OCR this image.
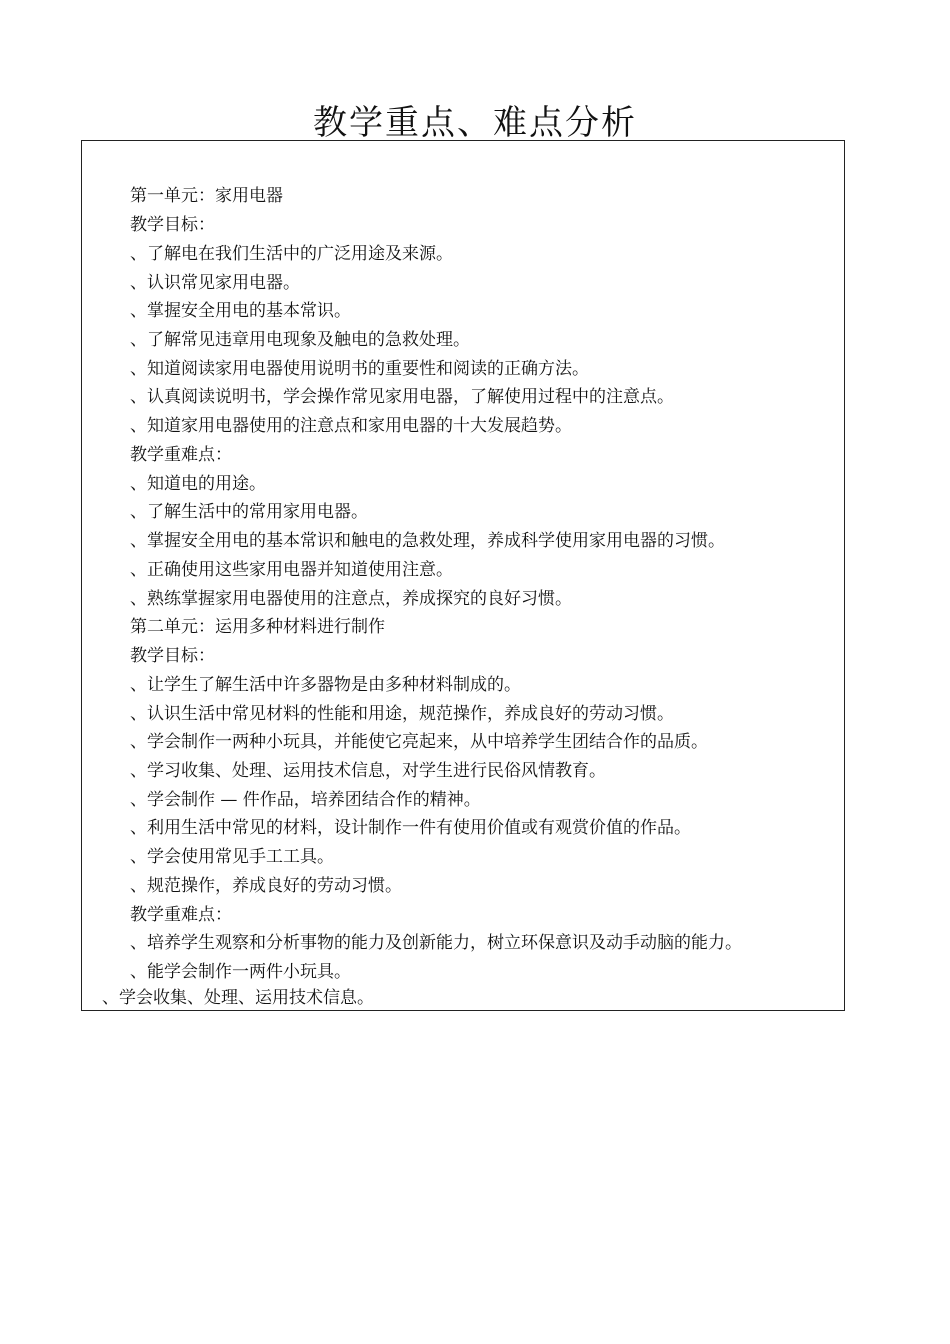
教学重点、难点分析
第一单元：家用电器
教学目标：
、了解电在我们生活中的广泛用途及来源。
、认识常见家用电器。
、掌握安全用电的基本常识。
、了解常见违章用电现象及触电的急救处理。
、知道阅读家用电器使用说明书的重要性和阅读的正确方法。
、认真阅读说明书，学会操作常见家用电器，了解使用过程中的注意点。
、知道家用电器使用的注意点和家用电器的十大发展趋势。
教学重难点：
、知道电的用途。
、了解生活中的常用家用电器。
、掌握安全用电的基本常识和触电的急救处理，养成科学使用家用电器的习惯。
、正确使用这些家用电器并知道使用注意。
、熟练掌握家用电器使用的注意点，养成探究的良好习惯。
第二单元：运用多种材料进行制作
教学目标：
、让学生了解生活中许多器物是由多种材料制成的。
、认识生活中常见材料的性能和用途，规范操作，养成良好的劳动习惯。
、学会制作一两种小玩具，并能使它亮起来，从中培养学生团结合作的品质。
、学习收集、处理、运用技术信息，对学生进行民俗风情教育。
、学会制作 — 件作品，培养团结合作的精神。
、利用生活中常见的材料，设计制作一件有使用价值或有观赏价值的作品。
、学会使用常见手工工具。
、规范操作，养成良好的劳动习惯。
教学重难点：
、培养学生观察和分析事物的能力及创新能力，树立环保意识及动手动脑的能力。
、能学会制作一两件小玩具。
、学会收集、处理、运用技术信息。
